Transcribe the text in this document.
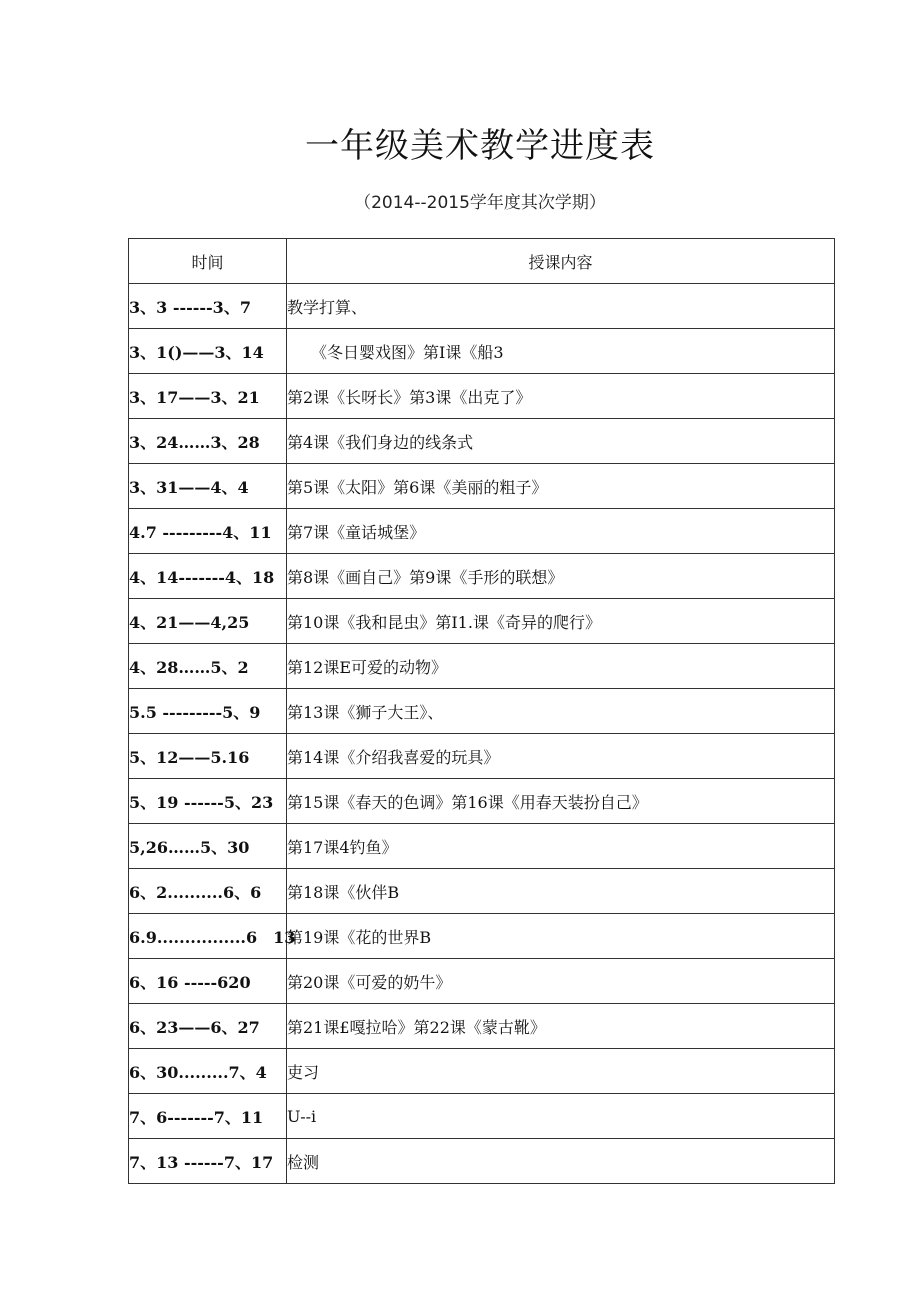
一年级美术教学进度表
（2014--2015学年度其次学期）
时间	授课内容
3、3 ------3、7	教学打算、
3、1()——3、14	　　《冬日婴戏图》第I课《船3
3、17——3、21	第2课《长呀长》第3课《出克了》
3、24……3、28	第4课《我们身边的线条式
3、31——4、4	第5课《太阳》第6课《美丽的粗子》
4.7 ---------4、11	第7课《童话城堡》
4、14-------4、18	第8课《画自己》第9课《手形的联想》
4、21——4,25	第10课《我和昆虫》第I1.课《奇异的爬行》
4、28……5、2	第12课E可爱的动物》
5.5 ---------5、9	第13课《狮子大王》、
5、12——5.16	第14课《介绍我喜爱的玩具》
5、19 ------5、23	第15课《春天的色调》第16课《用春天装扮自己》
5,26……5、30	第17课4钓鱼》
6、2..........6、6	第18课《伙伴B
6.9................6　13	第19课《花的世界B
6、16 -----620	第20课《可爱的奶牛》
6、23——6、27	第21课£嘎拉哈》第22课《蒙古靴》
6、30.........7、4	吏习
7、6-------7、11	U--i
7、13 ------7、17	检测
